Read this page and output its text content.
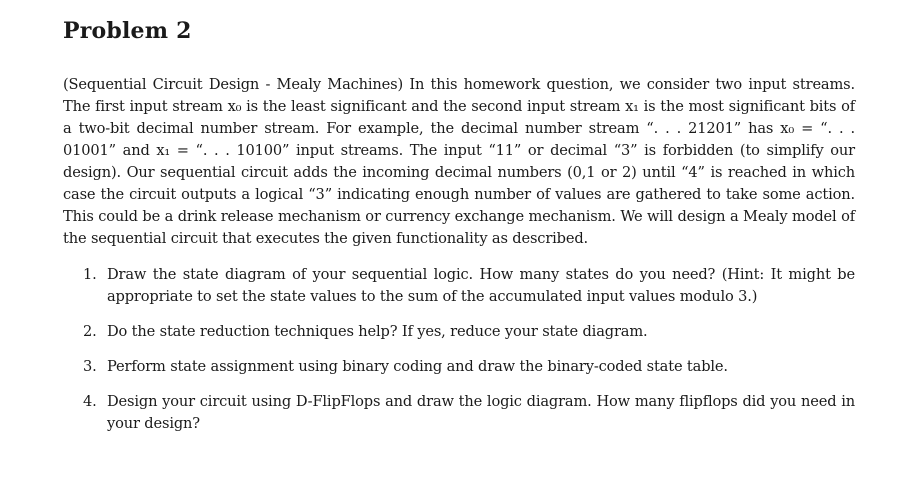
Problem 2

(Sequential Circuit Design - Mealy Machines) In this homework question, we consider two input streams. The first input stream x₀ is the least significant and the second input stream x₁ is the most significant bits of a two-bit decimal number stream. For example, the decimal number stream “. . . 21201” has x₀ = “. . . 01001” and x₁ = “. . . 10100” input streams. The input “11” or decimal “3” is forbidden (to simplify our design). Our sequential circuit adds the incoming decimal numbers (0,1 or 2) until “4” is reached in which case the circuit outputs a logical “3” indicating enough number of values are gathered to take some action. This could be a drink release mechanism or currency exchange mechanism. We will design a Mealy model of the sequential circuit that executes the given functionality as described.

1. Draw the state diagram of your sequential logic. How many states do you need? (Hint: It might be appropriate to set the state values to the sum of the accumulated input values modulo 3.)
2. Do the state reduction techniques help? If yes, reduce your state diagram.
3. Perform state assignment using binary coding and draw the binary-coded state table.
4. Design your circuit using D-FlipFlops and draw the logic diagram. How many flipflops did you need in your design?
